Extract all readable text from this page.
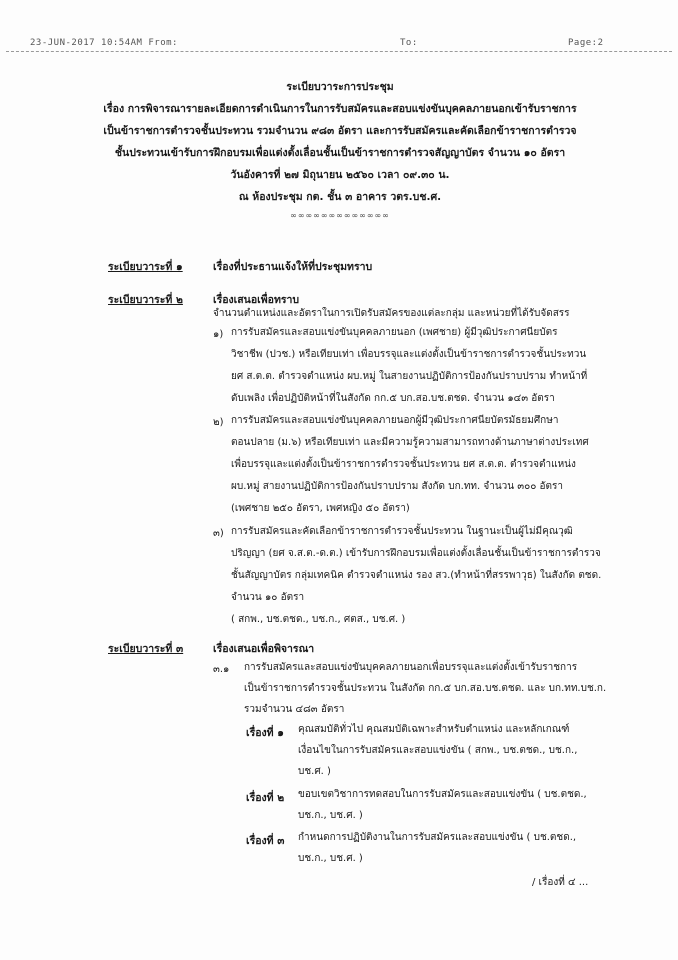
23-JUN-2017 10:54AM From:	To:	Page:2
ระเบียบวาระการประชุม
เรื่อง การพิจารณารายละเอียดการดำเนินการในการรับสมัครและสอบแข่งขันบุคคลภายนอกเข้ารับราชการ
เป็นข้าราชการตำรวจชั้นประทวน รวมจำนวน ๙๘๓ อัตรา และการรับสมัครและคัดเลือกข้าราชการตำรวจ
ชั้นประทวนเข้ารับการฝึกอบรมเพื่อแต่งตั้งเลื่อนชั้นเป็นข้าราชการตำรวจสัญญาบัตร จำนวน ๑๐ อัตรา
วันอังคารที่ ๒๗ มิถุนายน ๒๕๖๐ เวลา ๐๙.๓๐ น.
ณ ห้องประชุม กต. ชั้น ๓ อาคาร วตร.บช.ศ.
∞∞∞∞∞∞∞∞∞∞∞∞∞
ระเบียบวาระที่ ๑	เรื่องที่ประธานแจ้งให้ที่ประชุมทราบ
ระเบียบวาระที่ ๒	เรื่องเสนอเพื่อทราบ
จำนวนตำแหน่งและอัตราในการเปิดรับสมัครของแต่ละกลุ่ม และหน่วยที่ได้รับจัดสรร
๑) การรับสมัครและสอบแข่งขันบุคคลภายนอก (เพศชาย) ผู้มีวุฒิประกาศนียบัตร
วิชาชีพ (ปวช.) หรือเทียบเท่า เพื่อบรรจุและแต่งตั้งเป็นข้าราชการตำรวจชั้นประทวน
ยศ ส.ต.ต. ตำรวจตำแหน่ง ผบ.หมู่ ในสายงานปฏิบัติการป้องกันปราบปราม ทำหน้าที่
ดับเพลิง เพื่อปฏิบัติหน้าที่ในสังกัด กก.๕ บก.สอ.บช.ตชด. จำนวน ๑๔๓ อัตรา
๒) การรับสมัครและสอบแข่งขันบุคคลภายนอกผู้มีวุฒิประกาศนียบัตรมัธยมศึกษา
ตอนปลาย (ม.๖) หรือเทียบเท่า และมีความรู้ความสามารถทางด้านภาษาต่างประเทศ
เพื่อบรรจุและแต่งตั้งเป็นข้าราชการตำรวจชั้นประทวน ยศ ส.ต.ต. ตำรวจตำแหน่ง
ผบ.หมู่ สายงานปฏิบัติการป้องกันปราบปราม สังกัด บก.ทท. จำนวน ๓๐๐ อัตรา
(เพศชาย ๒๕๐ อัตรา, เพศหญิง ๕๐ อัตรา)
๓) การรับสมัครและคัดเลือกข้าราชการตำรวจชั้นประทวน ในฐานะเป็นผู้ไม่มีคุณวุฒิ
ปริญญา (ยศ จ.ส.ต.-ด.ต.) เข้ารับการฝึกอบรมเพื่อแต่งตั้งเลื่อนชั้นเป็นข้าราชการตำรวจ
ชั้นสัญญาบัตร กลุ่มเทคนิค ตำรวจตำแหน่ง รอง สว.(ทำหน้าที่สรรพาวุธ) ในสังกัด ตชด.
จำนวน ๑๐ อัตรา
( สกพ., บช.ตชด., บช.ก., ศตส., บช.ศ. )
ระเบียบวาระที่ ๓	เรื่องเสนอเพื่อพิจารณา
๓.๑ การรับสมัครและสอบแข่งขันบุคคลภายนอกเพื่อบรรจุและแต่งตั้งเข้ารับราชการ
เป็นข้าราชการตำรวจชั้นประทวน ในสังกัด กก.๕ บก.สอ.บช.ตชด. และ บก.ทท.บช.ก.
รวมจำนวน ๔๘๓ อัตรา
เรื่องที่ ๑ คุณสมบัติทั่วไป คุณสมบัติเฉพาะสำหรับตำแหน่ง และหลักเกณฑ์
เงื่อนไขในการรับสมัครและสอบแข่งขัน ( สกพ., บช.ตชด., บช.ก.,
บช.ศ. )
เรื่องที่ ๒ ขอบเขตวิชาการทดสอบในการรับสมัครและสอบแข่งขัน ( บช.ตชด.,
บช.ก., บช.ศ. )
เรื่องที่ ๓ กำหนดการปฏิบัติงานในการรับสมัครและสอบแข่งขัน ( บช.ตชด.,
บช.ก., บช.ศ. )
/ เรื่องที่ ๔ ...
